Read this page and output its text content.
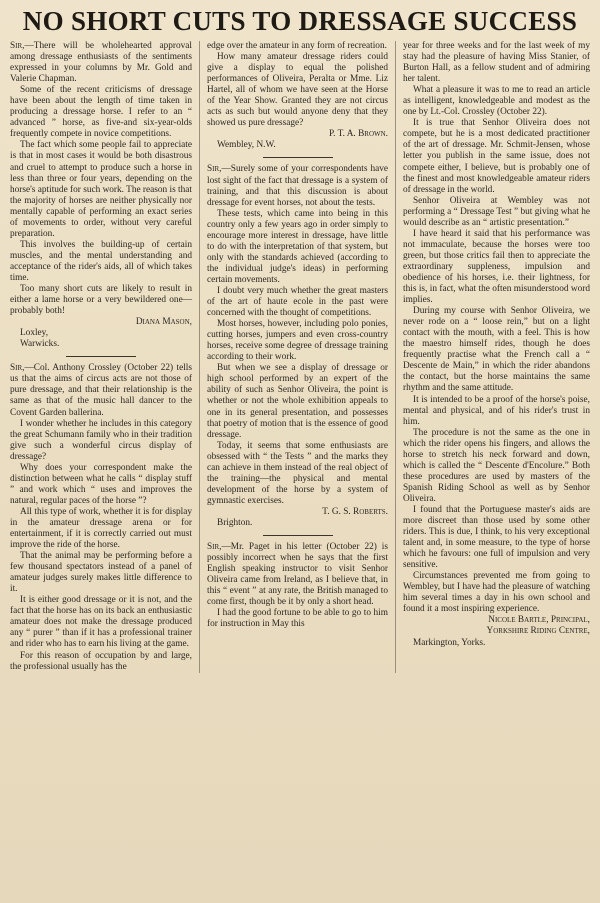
NO SHORT CUTS TO DRESSAGE SUCCESS

Sir,—There will be wholehearted approval among dressage enthusiasts of the sentiments expressed in your columns by Mr. Gold and Valerie Chapman.

Some of the recent criticisms of dressage have been about the length of time taken in producing a dressage horse. I refer to an “ advanced ” horse, as five-and six-year-olds frequently compete in novice competitions.

The fact which some people fail to appreciate is that in most cases it would be both disastrous and cruel to attempt to produce such a horse in less than three or four years, depending on the horse's aptitude for such work. The reason is that the majority of horses are neither physically nor mentally capable of performing an exact series of movements to order, without very careful preparation.

This involves the building-up of certain muscles, and the mental understanding and acceptance of the rider's aids, all of which takes time.

Too many short cuts are likely to result in either a lame horse or a very bewildered one—probably both!

Diana Mason,

Loxley,

Warwicks.

Sir,—Col. Anthony Crossley (October 22) tells us that the aims of circus acts are not those of pure dressage, and that their relationship is the same as that of the music hall dancer to the Covent Garden ballerina.

I wonder whether he includes in this category the great Schumann family who in their tradition give such a wonderful circus display of dressage?

Why does your correspondent make the distinction between what he calls “ display stuff ” and work which “ uses and improves the natural, regular paces of the horse ”?

All this type of work, whether it is for display in the amateur dressage arena or for entertainment, if it is correctly carried out must improve the ride of the horse.

That the animal may be performing before a few thousand spectators instead of a panel of amateur judges surely makes little difference to it.

It is either good dressage or it is not, and the fact that the horse has on its back an enthusiastic amateur does not make the dressage produced any “ purer ” than if it has a professional trainer and rider who has to earn his living at the game.

For this reason of occupation by and large, the professional usually has the

edge over the amateur in any form of recreation.

How many amateur dressage riders could give a display to equal the polished performances of Oliveira, Peralta or Mme. Liz Hartel, all of whom we have seen at the Horse of the Year Show. Granted they are not circus acts as such but would anyone deny that they showed us pure dressage?

P. T. A. Brown.

Wembley, N.W.

Sir,—Surely some of your correspondents have lost sight of the fact that dressage is a system of training, and that this discussion is about dressage for event horses, not about the tests.

These tests, which came into being in this country only a few years ago in order simply to encourage more interest in dressage, have little to do with the interpretation of that system, but only with the standards achieved (according to the individual judge's ideas) in performing certain movements.

I doubt very much whether the great masters of the art of haute ecole in the past were concerned with the thought of competitions.

Most horses, however, including polo ponies, cutting horses, jumpers and even cross-country horses, receive some degree of dressage training according to their work.

But when we see a display of dressage or high school performed by an expert of the ability of such as Senhor Oliveira, the point is whether or not the whole exhibition appeals to one in its general presentation, and possesses that poetry of motion that is the essence of good dressage.

Today, it seems that some enthusiasts are obsessed with “ the Tests ” and the marks they can achieve in them instead of the real object of the training—the physical and mental development of the horse by a system of gymnastic exercises.

T. G. S. Roberts.

Brighton.

Sir,—Mr. Paget in his letter (October 22) is possibly incorrect when he says that the first English speaking instructor to visit Senhor Oliveira came from Ireland, as I believe that, in this “ event ” at any rate, the British managed to come first, though be it by only a short head.

I had the good fortune to be able to go to him for instruction in May this

year for three weeks and for the last week of my stay had the pleasure of having Miss Stanier, of Burton Hall, as a fellow student and of admiring her talent.

What a pleasure it was to me to read an article as intelligent, knowledgeable and modest as the one by Lt.-Col. Crossley (October 22).

It is true that Senhor Oliveira does not compete, but he is a most dedicated practitioner of the art of dressage. Mr. Schmit-Jensen, whose letter you publish in the same issue, does not compete either, I believe, but is probably one of the finest and most knowledgeable amateur riders of dressage in the world.

Senhor Oliveira at Wembley was not performing a “ Dressage Test ” but giving what he would describe as an “ artistic presentation.”

I have heard it said that his performance was not immaculate, because the horses were too green, but those critics fail then to appreciate the extraordinary suppleness, impulsion and obedience of his horses, i.e. their lightness, for this is, in fact, what the often misunderstood word implies.

During my course with Senhor Oliveira, we never rode on a “ loose rein,” but on a light contact with the mouth, with a feel. This is how the maestro himself rides, though he does frequently practise what the French call a “ Descente de Main,” in which the rider abandons the contact, but the horse maintains the same rhythm and the same attitude.

It is intended to be a proof of the horse's poise, mental and physical, and of his rider's trust in him.

The procedure is not the same as the one in which the rider opens his fingers, and allows the horse to stretch his neck forward and down, which is called the “ Descente d'Encolure.” Both these procedures are used by masters of the Spanish Riding School as well as by Senhor Oliveira.

I found that the Portuguese master's aids are more discreet than those used by some other riders. This is due, I think, to his very exceptional talent and, in some measure, to the type of horse which he favours: one full of impulsion and very sensitive.

Circumstances prevented me from going to Wembley, but I have had the pleasure of watching him several times a day in his own school and found it a most inspiring experience.

Nicole Bartle, Principal,

Yorkshire Riding Centre,

Markington, Yorks.
